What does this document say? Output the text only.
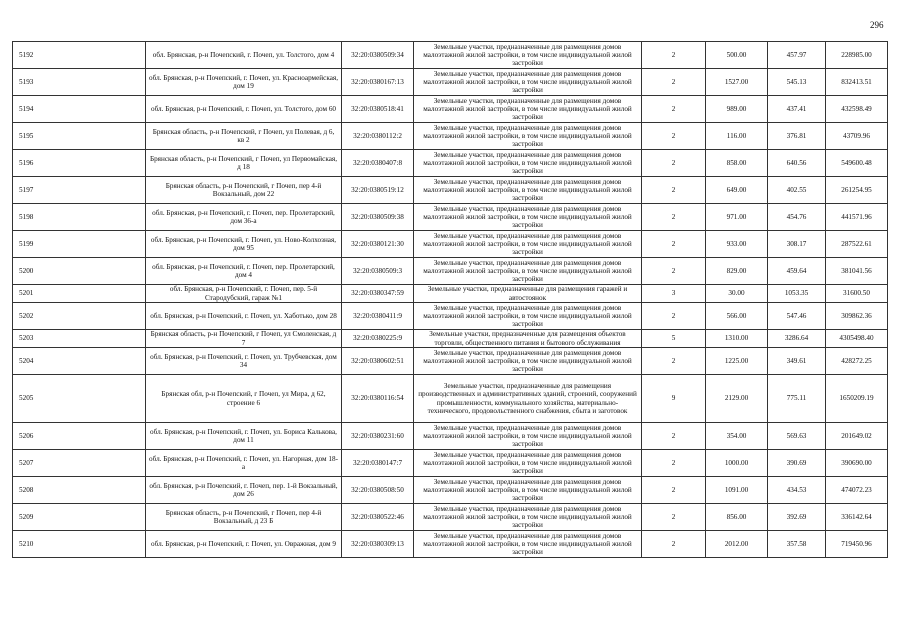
296
5192	обл. Брянская, р-н Почепский, г. Почеп, ул. Толстого, дом 4	32:20:0380509:34	Земельные участки, предназначенные для размещения домов малоэтажной жилой застройки, в том числе индивидуальной жилой застройки	2	500.00	457.97	228985.00
5193	обл. Брянская, р-н Почепский, г. Почеп, ул. Красноармейская, дом 19	32:20:0380167:13	Земельные участки, предназначенные для размещения домов малоэтажной жилой застройки, в том числе индивидуальной жилой застройки	2	1527.00	545.13	832413.51
5194	обл. Брянская, р-н Почепский, г. Почеп, ул. Толстого, дом 60	32:20:0380518:41	Земельные участки, предназначенные для размещения домов малоэтажной жилой застройки, в том числе индивидуальной жилой застройки	2	989.00	437.41	432598.49
5195	Брянская область, р-н Почепский, г Почеп, ул Полевая, д 6, кв 2	32:20:0380112:2	Земельные участки, предназначенные для размещения домов малоэтажной жилой застройки, в том числе индивидуальной жилой застройки	2	116.00	376.81	43709.96
5196	Брянская область, р-н Почепский, г Почеп, ул Первомайская, д 18	32:20:0380407:8	Земельные участки, предназначенные для размещения домов малоэтажной жилой застройки, в том числе индивидуальной жилой застройки	2	858.00	640.56	549600.48
5197	Брянская область, р-н Почепский, г Почеп, пер 4-й Вокзальный, дом 22	32:20:0380519:12	Земельные участки, предназначенные для размещения домов малоэтажной жилой застройки, в том числе индивидуальной жилой застройки	2	649.00	402.55	261254.95
5198	обл. Брянская, р-н Почепский, г. Почеп, пер. Пролетарский, дом 36-а	32:20:0380509:38	Земельные участки, предназначенные для размещения домов малоэтажной жилой застройки, в том числе индивидуальной жилой застройки	2	971.00	454.76	441571.96
5199	обл. Брянская, р-н Почепский, г. Почеп, ул. Ново-Колхозная, дом 95	32:20:0380121:30	Земельные участки, предназначенные для размещения домов малоэтажной жилой застройки, в том числе индивидуальной жилой застройки	2	933.00	308.17	287522.61
5200	обл. Брянская, р-н Почепский, г. Почеп, пер. Пролетарский, дом 4	32:20:0380509:3	Земельные участки, предназначенные для размещения домов малоэтажной жилой застройки, в том числе индивидуальной жилой застройки	2	829.00	459.64	381041.56
5201	обл. Брянская, р-н Почепский, г. Почеп, пер. 5-й Стародубский, гараж №1	32:20:0380347:59	Земельные участки, предназначенные для размещения гаражей и автостоянок	3	30.00	1053.35	31600.50
5202	обл. Брянская, р-н Почепский, г. Почеп, ул. Хаботько, дом 28	32:20:0380411:9	Земельные участки, предназначенные для размещения домов малоэтажной жилой застройки, в том числе индивидуальной жилой застройки	2	566.00	547.46	309862.36
5203	Брянская область, р-н Почепский, г Почеп, ул Смоленская, д 7	32:20:0380225:9	Земельные участки, предназначенные для размещения объектов торговли, общественного питания и бытового обслуживания	5	1310.00	3286.64	4305498.40
5204	обл. Брянская, р-н Почепский, г. Почеп, ул. Трубчевская, дом 34	32:20:0380602:51	Земельные участки, предназначенные для размещения домов малоэтажной жилой застройки, в том числе индивидуальной жилой застройки	2	1225.00	349.61	428272.25
5205	Брянская обл, р-н Почепский, г Почеп, ул Мира, д 62, строение 6	32:20:0380116:54	Земельные участки, предназначенные для размещения производственных и административных зданий, строений, сооружений промышленности, коммунального хозяйства, материально-технического, продовольственного снабжения, сбыта и заготовок	9	2129.00	775.11	1650209.19
5206	обл. Брянская, р-н Почепский, г. Почеп, ул. Бориса Калькова, дом 11	32:20:0380231:60	Земельные участки, предназначенные для размещения домов малоэтажной жилой застройки, в том числе индивидуальной жилой застройки	2	354.00	569.63	201649.02
5207	обл. Брянская, р-н Почепский, г. Почеп, ул. Нагорная, дом 18-а	32:20:0380147:7	Земельные участки, предназначенные для размещения домов малоэтажной жилой застройки, в том числе индивидуальной жилой застройки	2	1000.00	390.69	390690.00
5208	обл. Брянская, р-н Почепский, г. Почеп, пер. 1-й Вокзальный, дом 26	32:20:0380508:50	Земельные участки, предназначенные для размещения домов малоэтажной жилой застройки, в том числе индивидуальной жилой застройки	2	1091.00	434.53	474072.23
5209	Брянская область, р-н Почепский, г Почеп, пер 4-й Вокзальный, д 23 Б	32:20:0380522:46	Земельные участки, предназначенные для размещения домов малоэтажной жилой застройки, в том числе индивидуальной жилой застройки	2	856.00	392.69	336142.64
5210	обл. Брянская, р-н Почепский, г. Почеп, ул. Овражная, дом 9	32:20:0380309:13	Земельные участки, предназначенные для размещения домов малоэтажной жилой застройки, в том числе индивидуальной жилой застройки	2	2012.00	357.58	719450.96
